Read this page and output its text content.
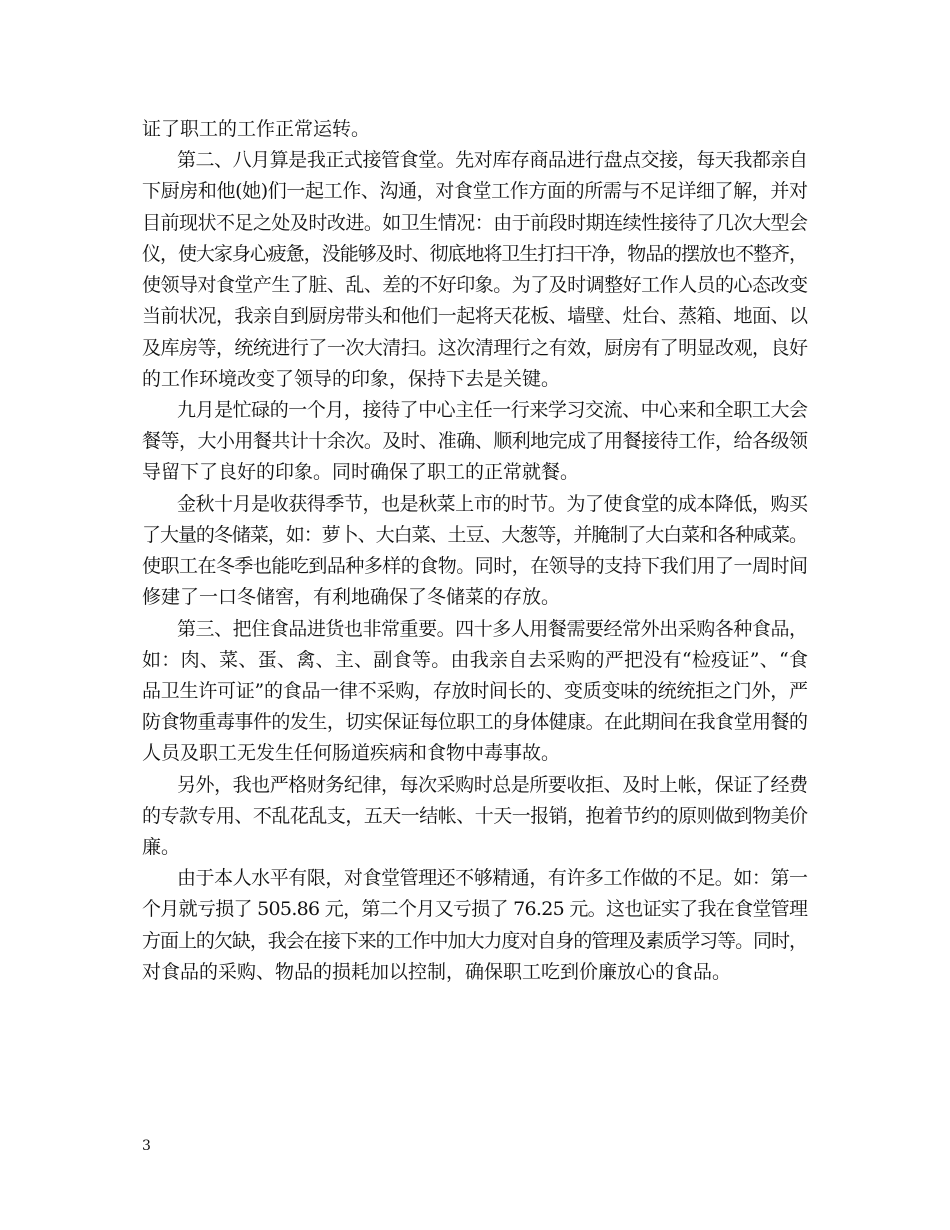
证了职工的工作正常运转。
第二、八月算是我正式接管食堂。先对库存商品进行盘点交接，每天我都亲自
下厨房和他(她)们一起工作、沟通，对食堂工作方面的所需与不足详细了解，并对
目前现状不足之处及时改进。如卫生情况：由于前段时期连续性接待了几次大型会
仪，使大家身心疲惫，没能够及时、彻底地将卫生打扫干净，物品的摆放也不整齐，
使领导对食堂产生了脏、乱、差的不好印象。为了及时调整好工作人员的心态改变
当前状况，我亲自到厨房带头和他们一起将天花板、墙壁、灶台、蒸箱、地面、以
及库房等，统统进行了一次大清扫。这次清理行之有效，厨房有了明显改观，良好
的工作环境改变了领导的印象，保持下去是关键。
九月是忙碌的一个月，接待了中心主任一行来学习交流、中心来和全职工大会
餐等，大小用餐共计十余次。及时、准确、顺利地完成了用餐接待工作，给各级领
导留下了良好的印象。同时确保了职工的正常就餐。
金秋十月是收获得季节，也是秋菜上市的时节。为了使食堂的成本降低，购买
了大量的冬储菜，如：萝卜、大白菜、土豆、大葱等，并腌制了大白菜和各种咸菜。
使职工在冬季也能吃到品种多样的食物。同时，在领导的支持下我们用了一周时间
修建了一口冬储窖，有利地确保了冬储菜的存放。
第三、把住食品进货也非常重要。四十多人用餐需要经常外出采购各种食品，
如：肉、菜、蛋、禽、主、副食等。由我亲自去采购的严把没有“检疫证”、“食
品卫生许可证”的食品一律不采购，存放时间长的、变质变味的统统拒之门外，严
防食物重毒事件的发生，切实保证每位职工的身体健康。在此期间在我食堂用餐的
人员及职工无发生任何肠道疾病和食物中毒事故。
另外，我也严格财务纪律，每次采购时总是所要收拒、及时上帐，保证了经费
的专款专用、不乱花乱支，五天一结帐、十天一报销，抱着节约的原则做到物美价
廉。
由于本人水平有限，对食堂管理还不够精通，有许多工作做的不足。如：第一
个月就亏损了 505.86 元，第二个月又亏损了 76.25 元。这也证实了我在食堂管理
方面上的欠缺，我会在接下来的工作中加大力度对自身的管理及素质学习等。同时，
对食品的采购、物品的损耗加以控制，确保职工吃到价廉放心的食品。
3
